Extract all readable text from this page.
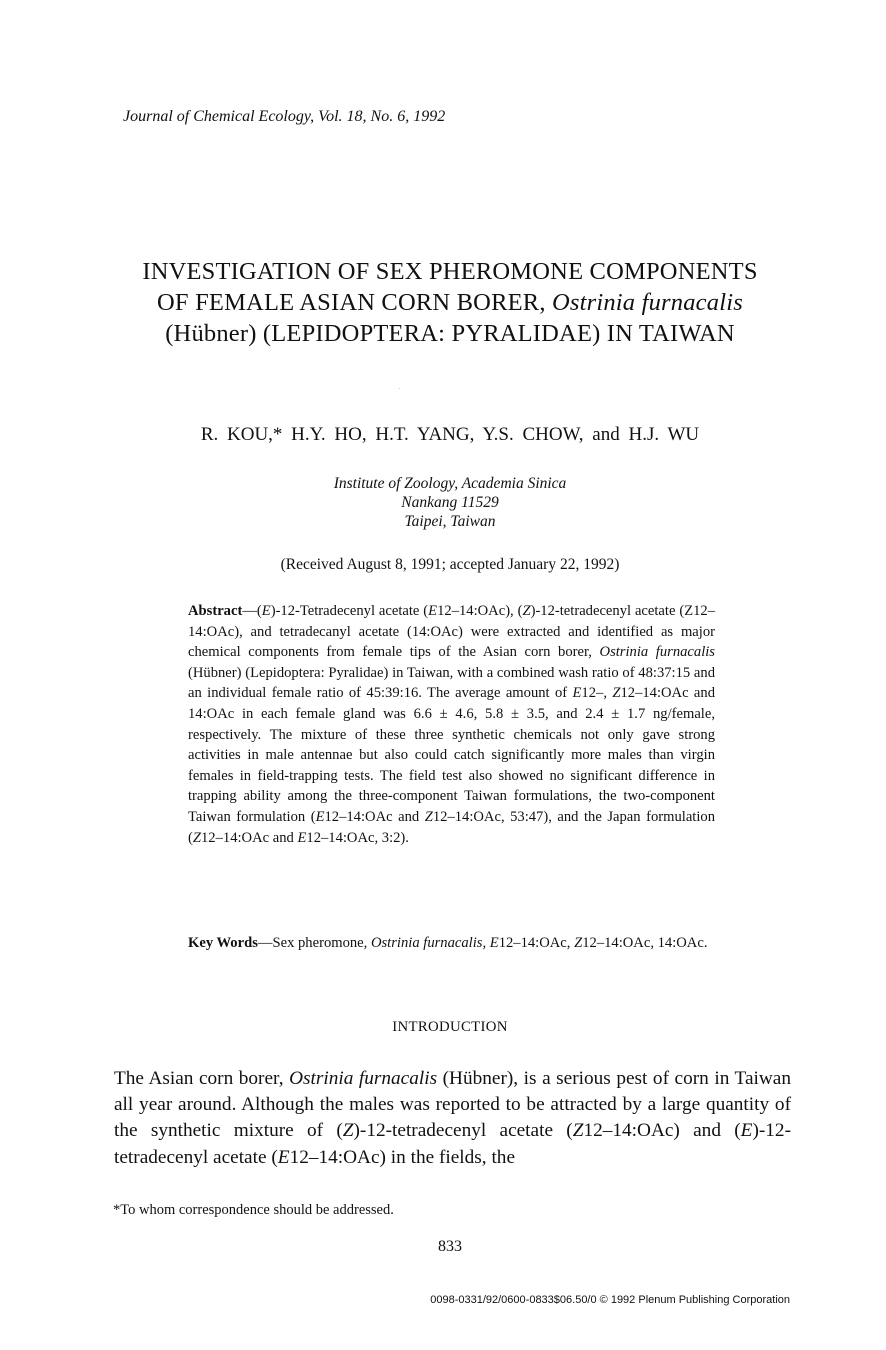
Journal of Chemical Ecology, Vol. 18, No. 6, 1992
INVESTIGATION OF SEX PHEROMONE COMPONENTS
OF FEMALE ASIAN CORN BORER, Ostrinia furnacalis
(Hübner) (LEPIDOPTERA: PYRALIDAE) IN TAIWAN
R. KOU,* H.Y. HO, H.T. YANG, Y.S. CHOW, and H.J. WU
Institute of Zoology, Academia Sinica
Nankang 11529
Taipei, Taiwan
(Received August 8, 1991; accepted January 22, 1992)
Abstract—(E)-12-Tetradecenyl acetate (E12–14:OAc), (Z)-12-tetradecenyl acetate (Z12–14:OAc), and tetradecanyl acetate (14:OAc) were extracted and identified as major chemical components from female tips of the Asian corn borer, Ostrinia furnacalis (Hübner) (Lepidoptera: Pyralidae) in Taiwan, with a combined wash ratio of 48:37:15 and an individual female ratio of 45:39:16. The average amount of E12–, Z12–14:OAc and 14:OAc in each female gland was 6.6 ± 4.6, 5.8 ± 3.5, and 2.4 ± 1.7 ng/female, respectively. The mixture of these three synthetic chemicals not only gave strong activities in male antennae but also could catch significantly more males than virgin females in field-trapping tests. The field test also showed no significant difference in trapping ability among the three-component Taiwan formulations, the two-component Taiwan formulation (E12–14:OAc and Z12–14:OAc, 53:47), and the Japan formulation (Z12–14:OAc and E12–14:OAc, 3:2).
Key Words—Sex pheromone, Ostrinia furnacalis, E12–14:OAc, Z12–14:OAc, 14:OAc.
INTRODUCTION
The Asian corn borer, Ostrinia furnacalis (Hübner), is a serious pest of corn in Taiwan all year around. Although the males was reported to be attracted by a large quantity of the synthetic mixture of (Z)-12-tetradecenyl acetate (Z12–14:OAc) and (E)-12-tetradecenyl acetate (E12–14:OAc) in the fields, the
*To whom correspondence should be addressed.
833
0098-0331/92/0600-0833$06.50/0 © 1992 Plenum Publishing Corporation
